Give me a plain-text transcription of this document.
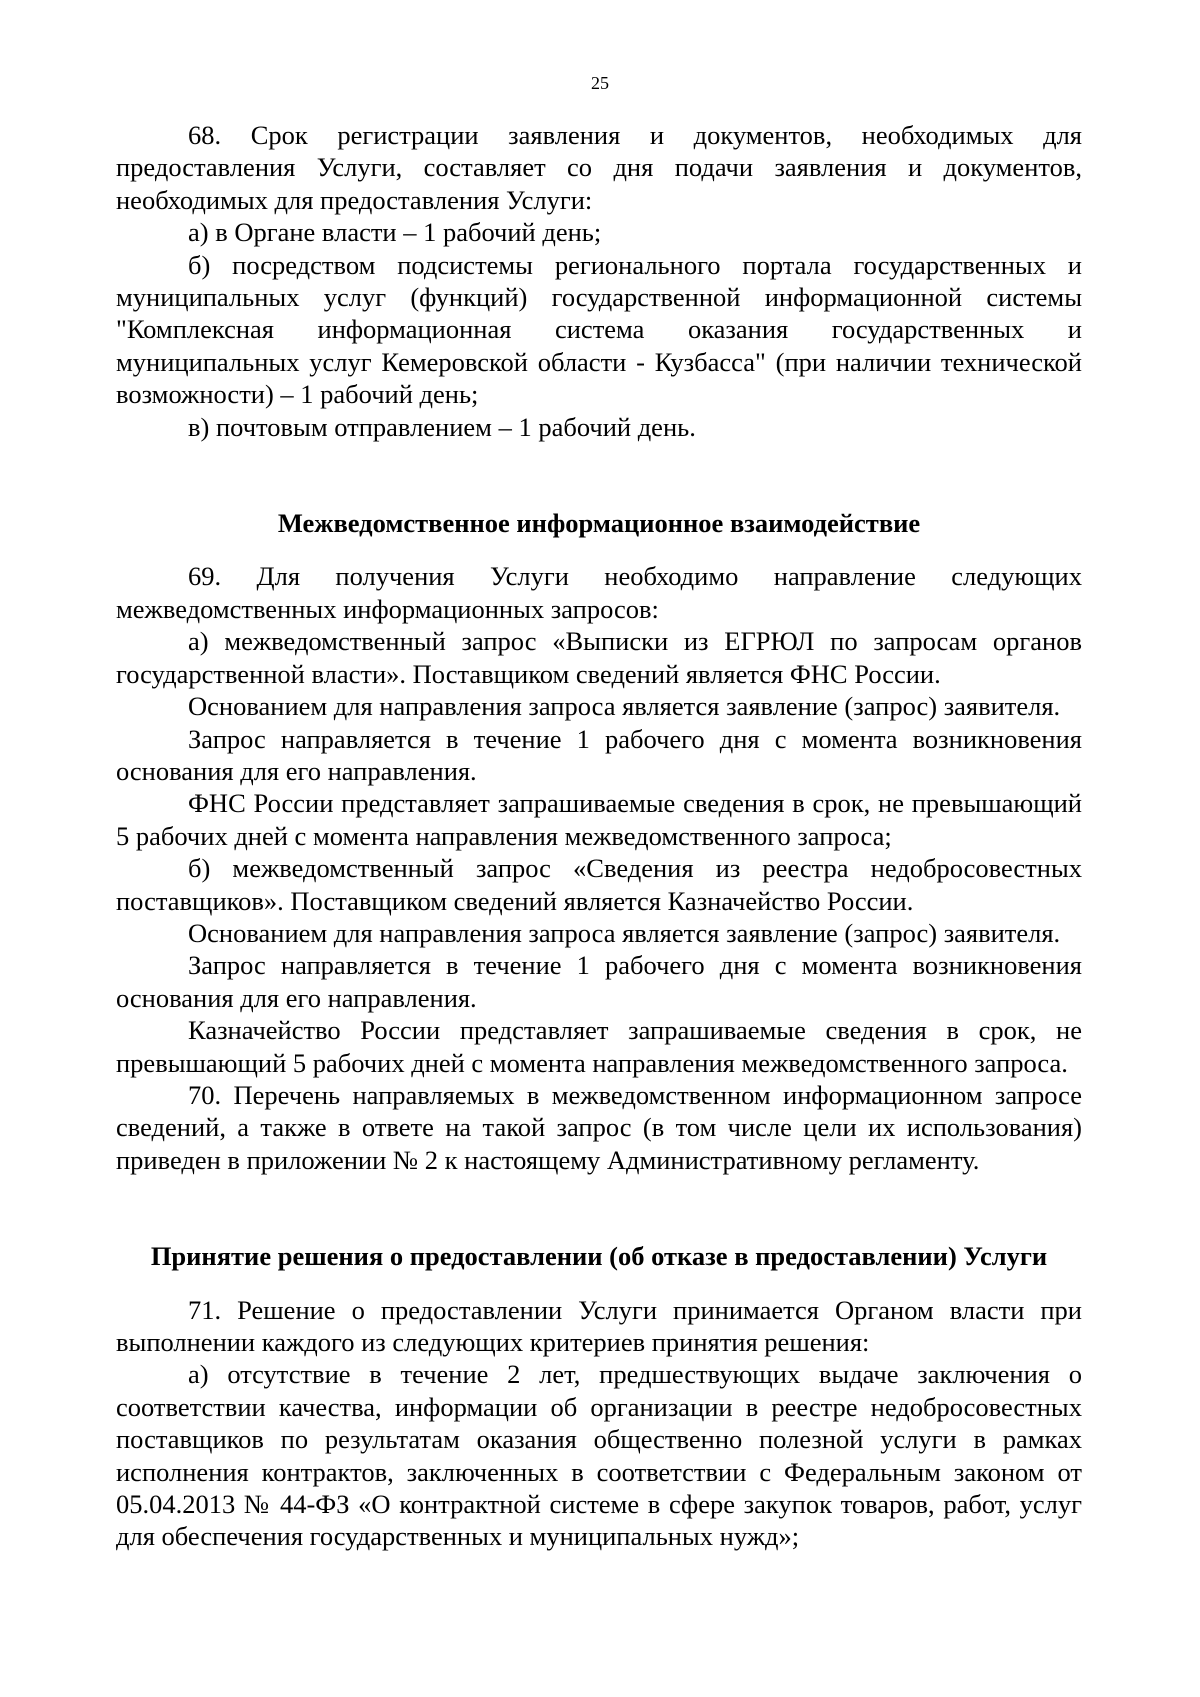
25

68. Срок регистрации заявления и документов, необходимых для предоставления Услуги, составляет со дня подачи заявления и документов, необходимых для предоставления Услуги:

а) в Органе власти – 1 рабочий день;

б) посредством подсистемы регионального портала государственных и муниципальных услуг (функций) государственной информационной системы "Комплексная информационная система оказания государственных и муниципальных услуг Кемеровской области - Кузбасса" (при наличии технической возможности) – 1 рабочий день;

в) почтовым отправлением – 1 рабочий день.

Межведомственное информационное взаимодействие

69. Для получения Услуги необходимо направление следующих межведомственных информационных запросов:

а) межведомственный запрос «Выписки из ЕГРЮЛ по запросам органов государственной власти». Поставщиком сведений является ФНС России.

Основанием для направления запроса является заявление (запрос) заявителя.

Запрос направляется в течение 1 рабочего дня с момента возникновения основания для его направления.

ФНС России представляет запрашиваемые сведения в срок, не превышающий 5 рабочих дней с момента направления межведомственного запроса;

б) межведомственный запрос «Сведения из реестра недобросовестных поставщиков». Поставщиком сведений является Казначейство России.

Основанием для направления запроса является заявление (запрос) заявителя.

Запрос направляется в течение 1 рабочего дня с момента возникновения основания для его направления.

Казначейство России представляет запрашиваемые сведения в срок, не превышающий 5 рабочих дней с момента направления межведомственного запроса.

70. Перечень направляемых в межведомственном информационном запросе сведений, а также в ответе на такой запрос (в том числе цели их использования) приведен в приложении № 2 к настоящему Административному регламенту.

Принятие решения о предоставлении (об отказе в предоставлении) Услуги

71. Решение о предоставлении Услуги принимается Органом власти при выполнении каждого из следующих критериев принятия решения:

а) отсутствие в течение 2 лет, предшествующих выдаче заключения о соответствии качества, информации об организации в реестре недобросовестных поставщиков по результатам оказания общественно полезной услуги в рамках исполнения контрактов, заключенных в соответствии с Федеральным законом от 05.04.2013 № 44-ФЗ «О контрактной системе в сфере закупок товаров, работ, услуг для обеспечения государственных и муниципальных нужд»;
